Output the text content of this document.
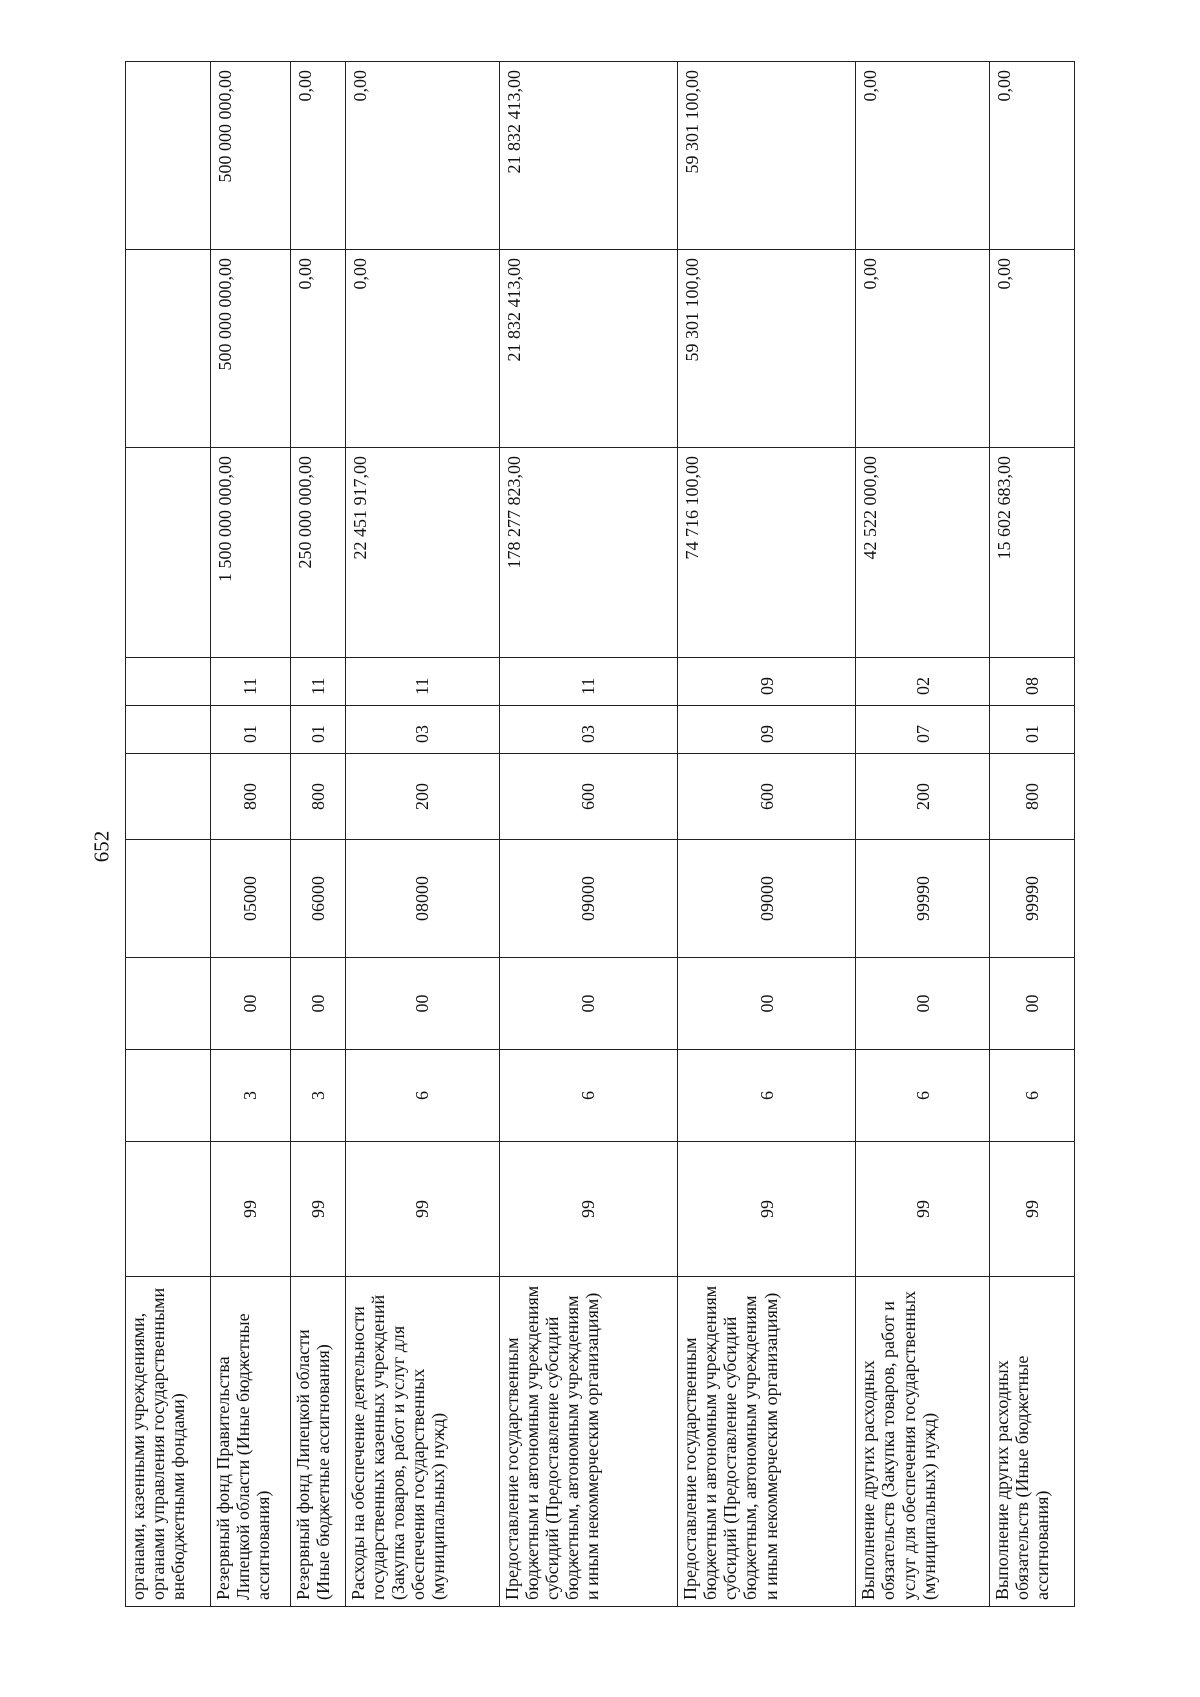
652
органами, казенными учреждениями, органами управления государственными внебюджетными фондами)										
Резервный фонд Правительства Липецкой области (Иные бюджетные ассигнования)	99	3	00	05000	800	01	11	1 500 000 000,00	500 000 000,00	500 000 000,00
Резервный фонд Липецкой области (Иные бюджетные ассигнования)	99	3	00	06000	800	01	11	250 000 000,00	0,00	0,00
Расходы на обеспечение деятельности государственных казенных учреждений (Закупка товаров, работ и услуг для обеспечения государственных (муниципальных) нужд)	99	6	00	08000	200	03	11	22 451 917,00	0,00	0,00
Предоставление государственным бюджетным и автономным учреждениям субсидий (Предоставление субсидий бюджетным, автономным учреждениям и иным некоммерческим организациям)	99	6	00	09000	600	03	11	178 277 823,00	21 832 413,00	21 832 413,00
Предоставление государственным бюджетным и автономным учреждениям субсидий (Предоставление субсидий бюджетным, автономным учреждениям и иным некоммерческим организациям)	99	6	00	09000	600	09	09	74 716 100,00	59 301 100,00	59 301 100,00
Выполнение других расходных обязательств (Закупка товаров, работ и услуг для обеспечения государственных (муниципальных) нужд)	99	6	00	99990	200	07	02	42 522 000,00	0,00	0,00
Выполнение других расходных обязательств (Иные бюджетные ассигнования)	99	6	00	99990	800	01	08	15 602 683,00	0,00	0,00
